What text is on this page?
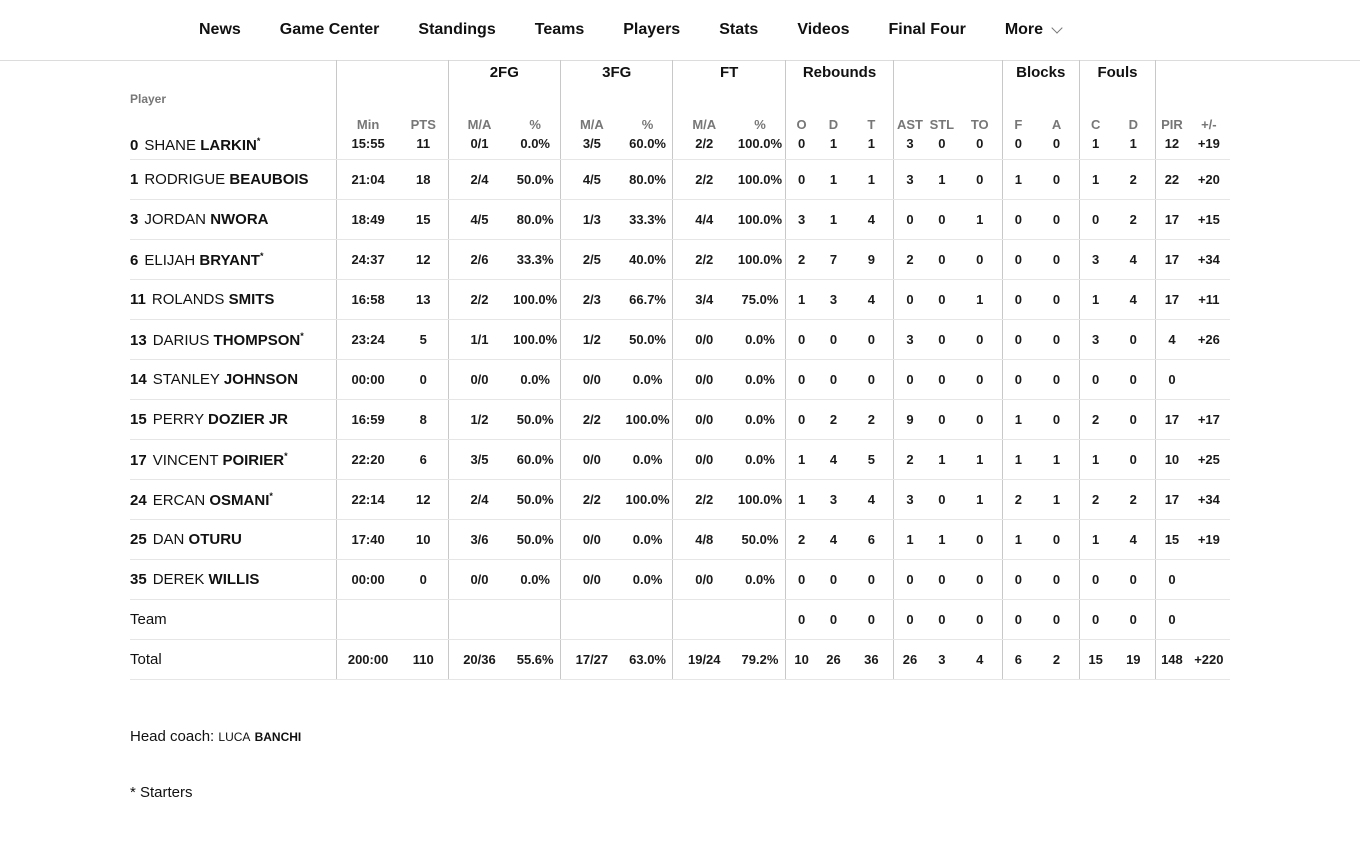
News Game Center Standings Teams Players Stats Videos Final Four More
			2FG		3FG		FT		Rebounds						Blocks		Fouls			
Player	Min	PTS	M/A	%	M/A	%	M/A	%	O	D	T	AST	STL	TO	F	A	C	D	PIR	+/-
0 SHANE LARKIN*	15:55	11	0/1	0.0%	3/5	60.0%	2/2	100.0%	0	1	1	3	0	0	0	0	1	1	12	+19
1 RODRIGUE BEAUBOIS	21:04	18	2/4	50.0%	4/5	80.0%	2/2	100.0%	0	1	1	3	1	0	1	0	1	2	22	+20
3 JORDAN NWORA	18:49	15	4/5	80.0%	1/3	33.3%	4/4	100.0%	3	1	4	0	0	1	0	0	0	2	17	+15
6 ELIJAH BRYANT*	24:37	12	2/6	33.3%	2/5	40.0%	2/2	100.0%	2	7	9	2	0	0	0	0	3	4	17	+34
11 ROLANDS SMITS	16:58	13	2/2	100.0%	2/3	66.7%	3/4	75.0%	1	3	4	0	0	1	0	0	1	4	17	+11
13 DARIUS THOMPSON*	23:24	5	1/1	100.0%	1/2	50.0%	0/0	0.0%	0	0	0	3	0	0	0	0	3	0	4	+26
14 STANLEY JOHNSON	00:00	0	0/0	0.0%	0/0	0.0%	0/0	0.0%	0	0	0	0	0	0	0	0	0	0	0	
15 PERRY DOZIER JR	16:59	8	1/2	50.0%	2/2	100.0%	0/0	0.0%	0	2	2	9	0	0	1	0	2	0	17	+17
17 VINCENT POIRIER*	22:20	6	3/5	60.0%	0/0	0.0%	0/0	0.0%	1	4	5	2	1	1	1	1	1	0	10	+25
24 ERCAN OSMANI*	22:14	12	2/4	50.0%	2/2	100.0%	2/2	100.0%	1	3	4	3	0	1	2	1	2	2	17	+34
25 DAN OTURU	17:40	10	3/6	50.0%	0/0	0.0%	4/8	50.0%	2	4	6	1	1	0	1	0	1	4	15	+19
35 DEREK WILLIS	00:00	0	0/0	0.0%	0/0	0.0%	0/0	0.0%	0	0	0	0	0	0	0	0	0	0	0	
Team									0	0	0	0	0	0	0	0	0	0	0	
Total	200:00	110	20/36	55.6%	17/27	63.0%	19/24	79.2%	10	26	36	26	3	4	6	2	15	19	148	+220
Head coach: LUCA BANCHI
* Starters
